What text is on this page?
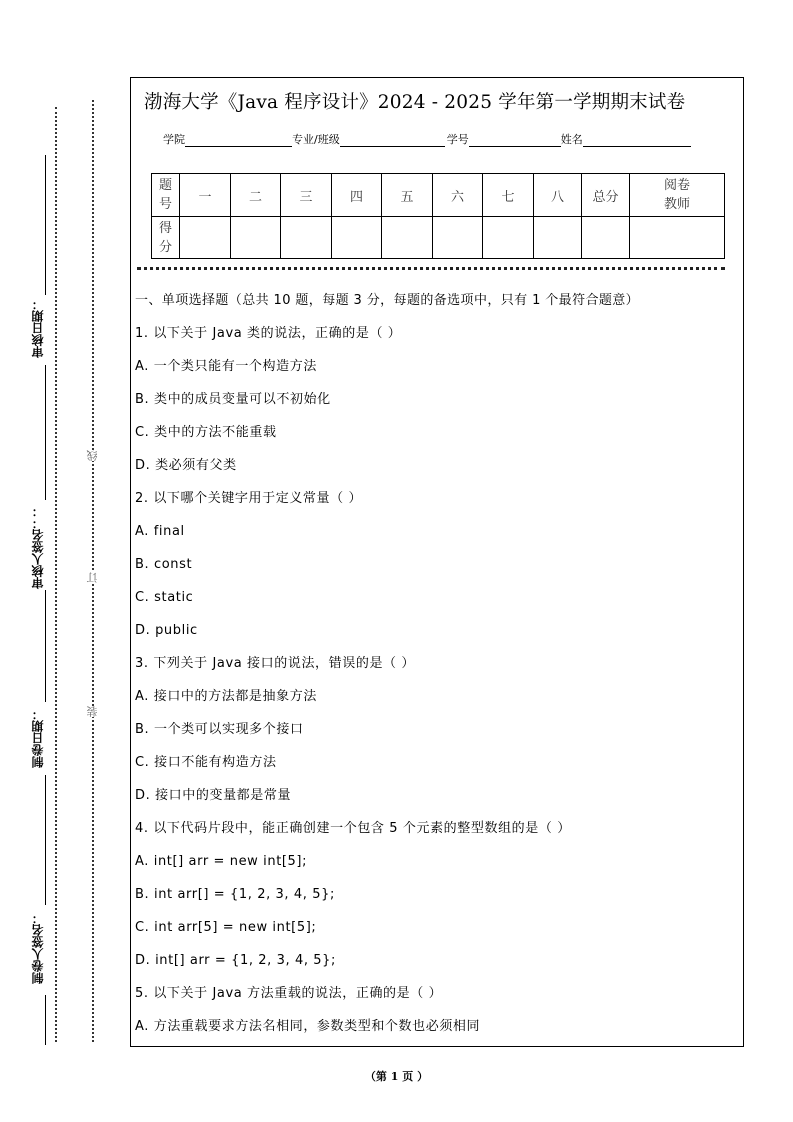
审核日期：
审核人签名：：
制卷日期：
制卷人签名：
线
订
装
渤海大学《Java 程序设计》2024 - 2025 学年第一学期期末试卷
学院	专业/班级	学号	姓名
题号	一	二	三	四	五	六	七	八	总分	阅卷教师
得分										
一、单项选择题（总共 10 题，每题 3 分，每题的备选项中，只有 1 个最符合题意）
1. 以下关于 Java 类的说法，正确的是（ ）
A. 一个类只能有一个构造方法
B. 类中的成员变量可以不初始化
C. 类中的方法不能重载
D. 类必须有父类
2. 以下哪个关键字用于定义常量（ ）
A. final
B. const
C. static
D. public
3. 下列关于 Java 接口的说法，错误的是（ ）
A. 接口中的方法都是抽象方法
B. 一个类可以实现多个接口
C. 接口不能有构造方法
D. 接口中的变量都是常量
4. 以下代码片段中，能正确创建一个包含 5 个元素的整型数组的是（ ）
A. int[] arr = new int[5];
B. int arr[] = {1, 2, 3, 4, 5};
C. int arr[5] = new int[5];
D. int[] arr = {1, 2, 3, 4, 5};
5. 以下关于 Java 方法重载的说法，正确的是（ ）
A. 方法重载要求方法名相同，参数类型和个数也必须相同
（第 1 页 ）
